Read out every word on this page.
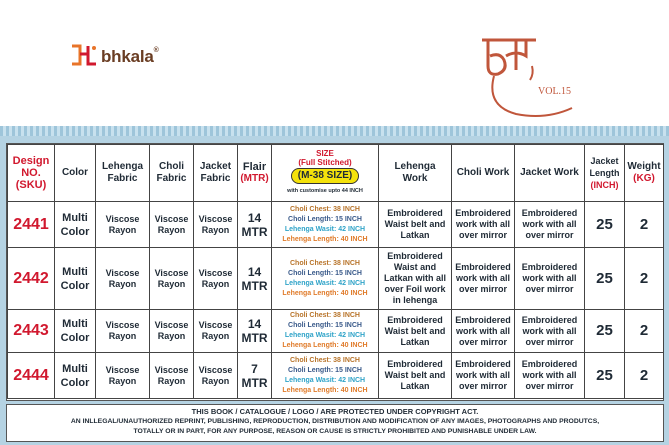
bhkala®
VOL.15
Design
NO.
(SKU)	Color	Lehenga
Fabric	Choli
Fabric	Jacket
Fabric	Flair
(MTR)	SIZE
(Full Stitched)
(M-38 SIZE)
with customise upto 44 INCH	Lehenga
Work	Choli Work	Jacket Work	Jacket
Length
(INCH)	Weight
(KG)

2441	Multi
Color	Viscose
Rayon	Viscose
Rayon	Viscose
Rayon	14
MTR	Choli Chest: 38 INCH
Choli Length: 15 INCH
Lehenga Wasit: 42 INCH
Lehenga Length: 40 INCH	Embroidered
Waist belt and
Latkan	Embroidered
work with all
over mirror	Embroidered
work with all
over mirror	25	2
2442	Multi
Color	Viscose
Rayon	Viscose
Rayon	Viscose
Rayon	14
MTR	Choli Chest: 38 INCH
Choli Length: 15 INCH
Lehenga Wasit: 42 INCH
Lehenga Length: 40 INCH	Embroidered
Waist and
Latkan with all
over Foil work
in lehenga	Embroidered
work with all
over mirror	Embroidered
work with all
over mirror	25	2
2443	Multi
Color	Viscose
Rayon	Viscose
Rayon	Viscose
Rayon	14
MTR	Choli Chest: 38 INCH
Choli Length: 15 INCH
Lehenga Wasit: 42 INCH
Lehenga Length: 40 INCH	Embroidered
Waist belt and
Latkan	Embroidered
work with all
over mirror	Embroidered
work with all
over mirror	25	2
2444	Multi
Color	Viscose
Rayon	Viscose
Rayon	Viscose
Rayon	7
MTR	Choli Chest: 38 INCH
Choli Length: 15 INCH
Lehenga Wasit: 42 INCH
Lehenga Length: 40 INCH	Embroidered
Waist belt and
Latkan	Embroidered
work with all
over mirror	Embroidered
work with all
over mirror	25	2
THIS BOOK / CATALOGUE / LOGO / ARE PROTECTED UNDER COPYRIGHT ACT.
AN INLLEGAL/UNAUTHORIZED REPRINT, PUBLISHING, REPRODUCTION, DISTRIBUTION AND MODIFICATION OF ANY IMAGES, PHOTOGRAPHS AND PRODUTCS,
TOTALLY OR IN PART, FOR ANY PURPOSE, REASON OR CAUSE IS STRICTLY PROHIBITED AND PUNISHABLE UNDER LAW.
